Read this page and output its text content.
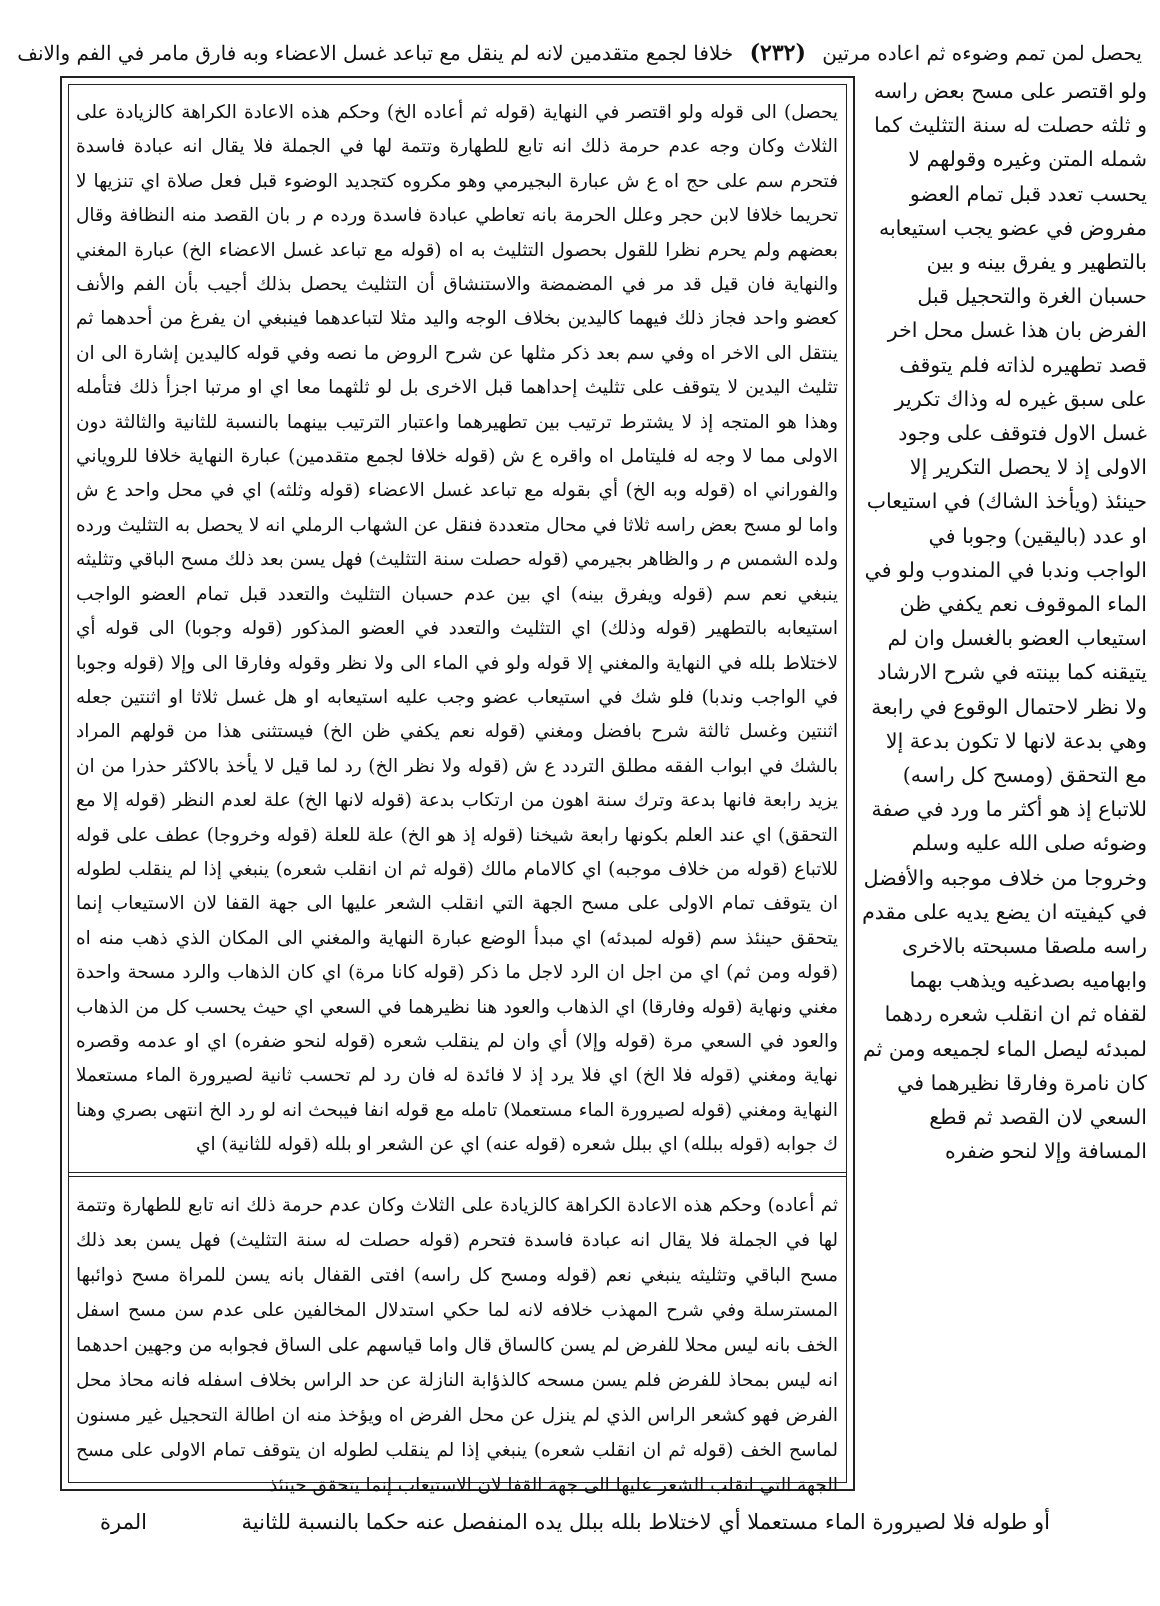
يحصل لمن تمم وضوءه ثم اعاده مرتين (٢٣٢) خلافا لجمع متقدمين لانه لم ينقل مع تباعد غسل الاعضاء وبه فارق مامر في الفم والانف
ولو اقتصر على مسح بعض راسه و ثلثه حصلت له سنة التثليث كما شمله المتن وغيره وقولهم لا يحسب تعدد قبل تمام العضو مفروض في عضو يجب استيعابه بالتطهير و يفرق بينه و بين حسبان الغرة والتحجيل قبل الفرض بان هذا غسل محل اخر قصد تطهيره لذاته فلم يتوقف على سبق غيره له وذاك تكرير غسل الاول فتوقف على وجود الاولى إذ لا يحصل التكرير إلا حينئذ (ويأخذ الشاك) في استيعاب او عدد (باليقين) وجوبا في الواجب وندبا في المندوب ولو في الماء الموقوف نعم يكفي ظن استيعاب العضو بالغسل وان لم يتيقنه كما بينته في شرح الارشاد ولا نظر لاحتمال الوقوع في رابعة وهي بدعة لانها لا تكون بدعة إلا مع التحقق (ومسح كل راسه) للاتباع إذ هو أكثر ما ورد في صفة وضوئه صلى الله عليه وسلم وخروجا من خلاف موجبه والأفضل في كيفيته ان يضع يديه على مقدم راسه ملصقا مسبحته بالاخرى وابهاميه بصدغيه ويذهب بهما لقفاه ثم ان انقلب شعره ردهما لمبدئه ليصل الماء لجميعه ومن ثم كان نامرة وفارقا نظيرهما في السعي لان القصد ثم قطع المسافة وإلا لنحو ضفره
يحصل) الى قوله ولو اقتصر في النهاية (قوله ثم أعاده الخ) وحكم هذه الاعادة الكراهة كالزيادة على الثلاث وكان وجه عدم حرمة ذلك انه تابع للطهارة وتتمة لها في الجملة فلا يقال انه عبادة فاسدة فتحرم سم على حج اه ع ش عبارة البجيرمي وهو مكروه كتجديد الوضوء قبل فعل صلاة اي تنزيها لا تحريما خلافا لابن حجر وعلل الحرمة بانه تعاطي عبادة فاسدة ورده م ر بان القصد منه النظافة وقال بعضهم ولم يحرم نظرا للقول بحصول التثليث به اه (قوله مع تباعد غسل الاعضاء الخ) عبارة المغني والنهاية فان قيل قد مر في المضمضة والاستنشاق أن التثليث يحصل بذلك أجيب بأن الفم والأنف كعضو واحد فجاز ذلك فيهما كاليدين بخلاف الوجه واليد مثلا لتباعدهما فينبغي ان يفرغ من أحدهما ثم ينتقل الى الاخر اه وفي سم بعد ذكر مثلها عن شرح الروض ما نصه وفي قوله كاليدين إشارة الى ان تثليث اليدين لا يتوقف على تثليث إحداهما قبل الاخرى بل لو ثلثهما معا اي او مرتبا اجزأ ذلك فتأمله وهذا هو المتجه إذ لا يشترط ترتيب بين تطهيرهما واعتبار الترتيب بينهما بالنسبة للثانية والثالثة دون الاولى مما لا وجه له فليتامل اه واقره ع ش (قوله خلافا لجمع متقدمين) عبارة النهاية خلافا للروياني والفوراني اه (قوله وبه الخ) أي بقوله مع تباعد غسل الاعضاء (قوله وثلثه) اي في محل واحد ع ش واما لو مسح بعض راسه ثلاثا في محال متعددة فنقل عن الشهاب الرملي انه لا يحصل به التثليث ورده ولده الشمس م ر والظاهر بجيرمي (قوله حصلت سنة التثليث) فهل يسن بعد ذلك مسح الباقي وتثليثه ينبغي نعم سم (قوله ويفرق بينه) اي بين عدم حسبان التثليث والتعدد قبل تمام العضو الواجب استيعابه بالتطهير (قوله وذلك) اي التثليث والتعدد في العضو المذكور (قوله وجوبا) الى قوله أي لاختلاط بلله في النهاية والمغني إلا قوله ولو في الماء الى ولا نظر وقوله وفارقا الى وإلا (قوله وجوبا في الواجب وندبا) فلو شك في استيعاب عضو وجب عليه استيعابه او هل غسل ثلاثا او اثنتين جعله اثنتين وغسل ثالثة شرح بافضل ومغني (قوله نعم يكفي ظن الخ) فيستثنى هذا من قولهم المراد بالشك في ابواب الفقه مطلق التردد ع ش (قوله ولا نظر الخ) رد لما قيل لا يأخذ بالاكثر حذرا من ان يزيد رابعة فانها بدعة وترك سنة اهون من ارتكاب بدعة (قوله لانها الخ) علة لعدم النظر (قوله إلا مع التحقق) اي عند العلم بكونها رابعة شيخنا (قوله إذ هو الخ) علة للعلة (قوله وخروجا) عطف على قوله للاتباع (قوله من خلاف موجبه) اي كالامام مالك (قوله ثم ان انقلب شعره) ينبغي إذا لم ينقلب لطوله ان يتوقف تمام الاولى على مسح الجهة التي انقلب الشعر عليها الى جهة القفا لان الاستيعاب إنما يتحقق حينئذ سم (قوله لمبدئه) اي مبدأ الوضع عبارة النهاية والمغني الى المكان الذي ذهب منه اه (قوله ومن ثم) اي من اجل ان الرد لاجل ما ذكر (قوله كانا مرة) اي كان الذهاب والرد مسحة واحدة مغني ونهاية (قوله وفارقا) اي الذهاب والعود هنا نظيرهما في السعي اي حيث يحسب كل من الذهاب والعود في السعي مرة (قوله وإلا) أي وان لم ينقلب شعره (قوله لنحو ضفره) اي او عدمه وقصره نهاية ومغني (قوله فلا الخ) اي فلا يرد إذ لا فائدة له فان رد لم تحسب ثانية لصيرورة الماء مستعملا النهاية ومغني (قوله لصيرورة الماء مستعملا) تامله مع قوله انفا فيبحث انه لو رد الخ انتهى بصري وهنا ك جوابه (قوله ببلله) اي ببلل شعره (قوله عنه) اي عن الشعر او بلله (قوله للثانية) اي
ثم أعاده) وحكم هذه الاعادة الكراهة كالزيادة على الثلاث وكان عدم حرمة ذلك انه تابع للطهارة وتتمة لها في الجملة فلا يقال انه عبادة فاسدة فتحرم (قوله حصلت له سنة التثليث) فهل يسن بعد ذلك مسح الباقي وتثليثه ينبغي نعم (قوله ومسح كل راسه) افتى القفال بانه يسن للمراة مسح ذوائبها المسترسلة وفي شرح المهذب خلافه لانه لما حكي استدلال المخالفين على عدم سن مسح اسفل الخف بانه ليس محلا للفرض لم يسن كالساق قال واما قياسهم على الساق فجوابه من وجهين احدهما انه ليس بمحاذ للفرض فلم يسن مسحه كالذؤابة النازلة عن حد الراس بخلاف اسفله فانه محاذ محل الفرض فهو كشعر الراس الذي لم ينزل عن محل الفرض اه ويؤخذ منه ان اطالة التحجيل غير مسنون لماسح الخف (قوله ثم ان انقلب شعره) ينبغي إذا لم ينقلب لطوله ان يتوقف تمام الاولى على مسح الجهة التي انقلب الشعر عليها الى جهة القفا لان الاستيعاب إنما يتحقق حينئذ
أو طوله فلا لصيرورة الماء مستعملا أي لاختلاط بلله ببلل يده المنفصل عنه حكما بالنسبة للثانية
المرة
